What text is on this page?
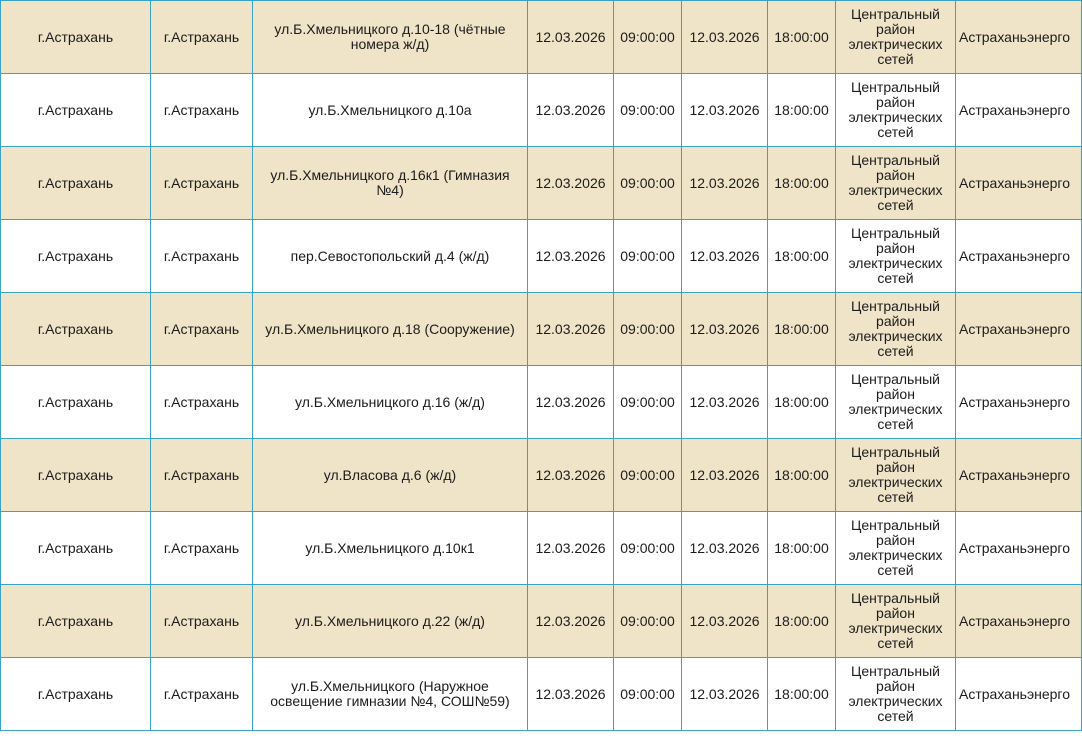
г.Астрахань	г.Астрахань	ул.Б.Хмельницкого д.10-18 (чётные номера ж/д)	12.03.2026	09:00:00	12.03.2026	18:00:00	Центральный район электрических сетей	Астраханьэнерго
г.Астрахань	г.Астрахань	ул.Б.Хмельницкого д.10а	12.03.2026	09:00:00	12.03.2026	18:00:00	Центральный район электрических сетей	Астраханьэнерго
г.Астрахань	г.Астрахань	ул.Б.Хмельницкого д.16к1 (Гимназия №4)	12.03.2026	09:00:00	12.03.2026	18:00:00	Центральный район электрических сетей	Астраханьэнерго
г.Астрахань	г.Астрахань	пер.Севостопольский д.4 (ж/д)	12.03.2026	09:00:00	12.03.2026	18:00:00	Центральный район электрических сетей	Астраханьэнерго
г.Астрахань	г.Астрахань	ул.Б.Хмельницкого д.18 (Сооружение)	12.03.2026	09:00:00	12.03.2026	18:00:00	Центральный район электрических сетей	Астраханьэнерго
г.Астрахань	г.Астрахань	ул.Б.Хмельницкого д.16 (ж/д)	12.03.2026	09:00:00	12.03.2026	18:00:00	Центральный район электрических сетей	Астраханьэнерго
г.Астрахань	г.Астрахань	ул.Власова д.6 (ж/д)	12.03.2026	09:00:00	12.03.2026	18:00:00	Центральный район электрических сетей	Астраханьэнерго
г.Астрахань	г.Астрахань	ул.Б.Хмельницкого д.10к1	12.03.2026	09:00:00	12.03.2026	18:00:00	Центральный район электрических сетей	Астраханьэнерго
г.Астрахань	г.Астрахань	ул.Б.Хмельницкого д.22 (ж/д)	12.03.2026	09:00:00	12.03.2026	18:00:00	Центральный район электрических сетей	Астраханьэнерго
г.Астрахань	г.Астрахань	ул.Б.Хмельницкого (Наружное освещение гимназии №4, СОШ№59)	12.03.2026	09:00:00	12.03.2026	18:00:00	Центральный район электрических сетей	Астраханьэнерго
